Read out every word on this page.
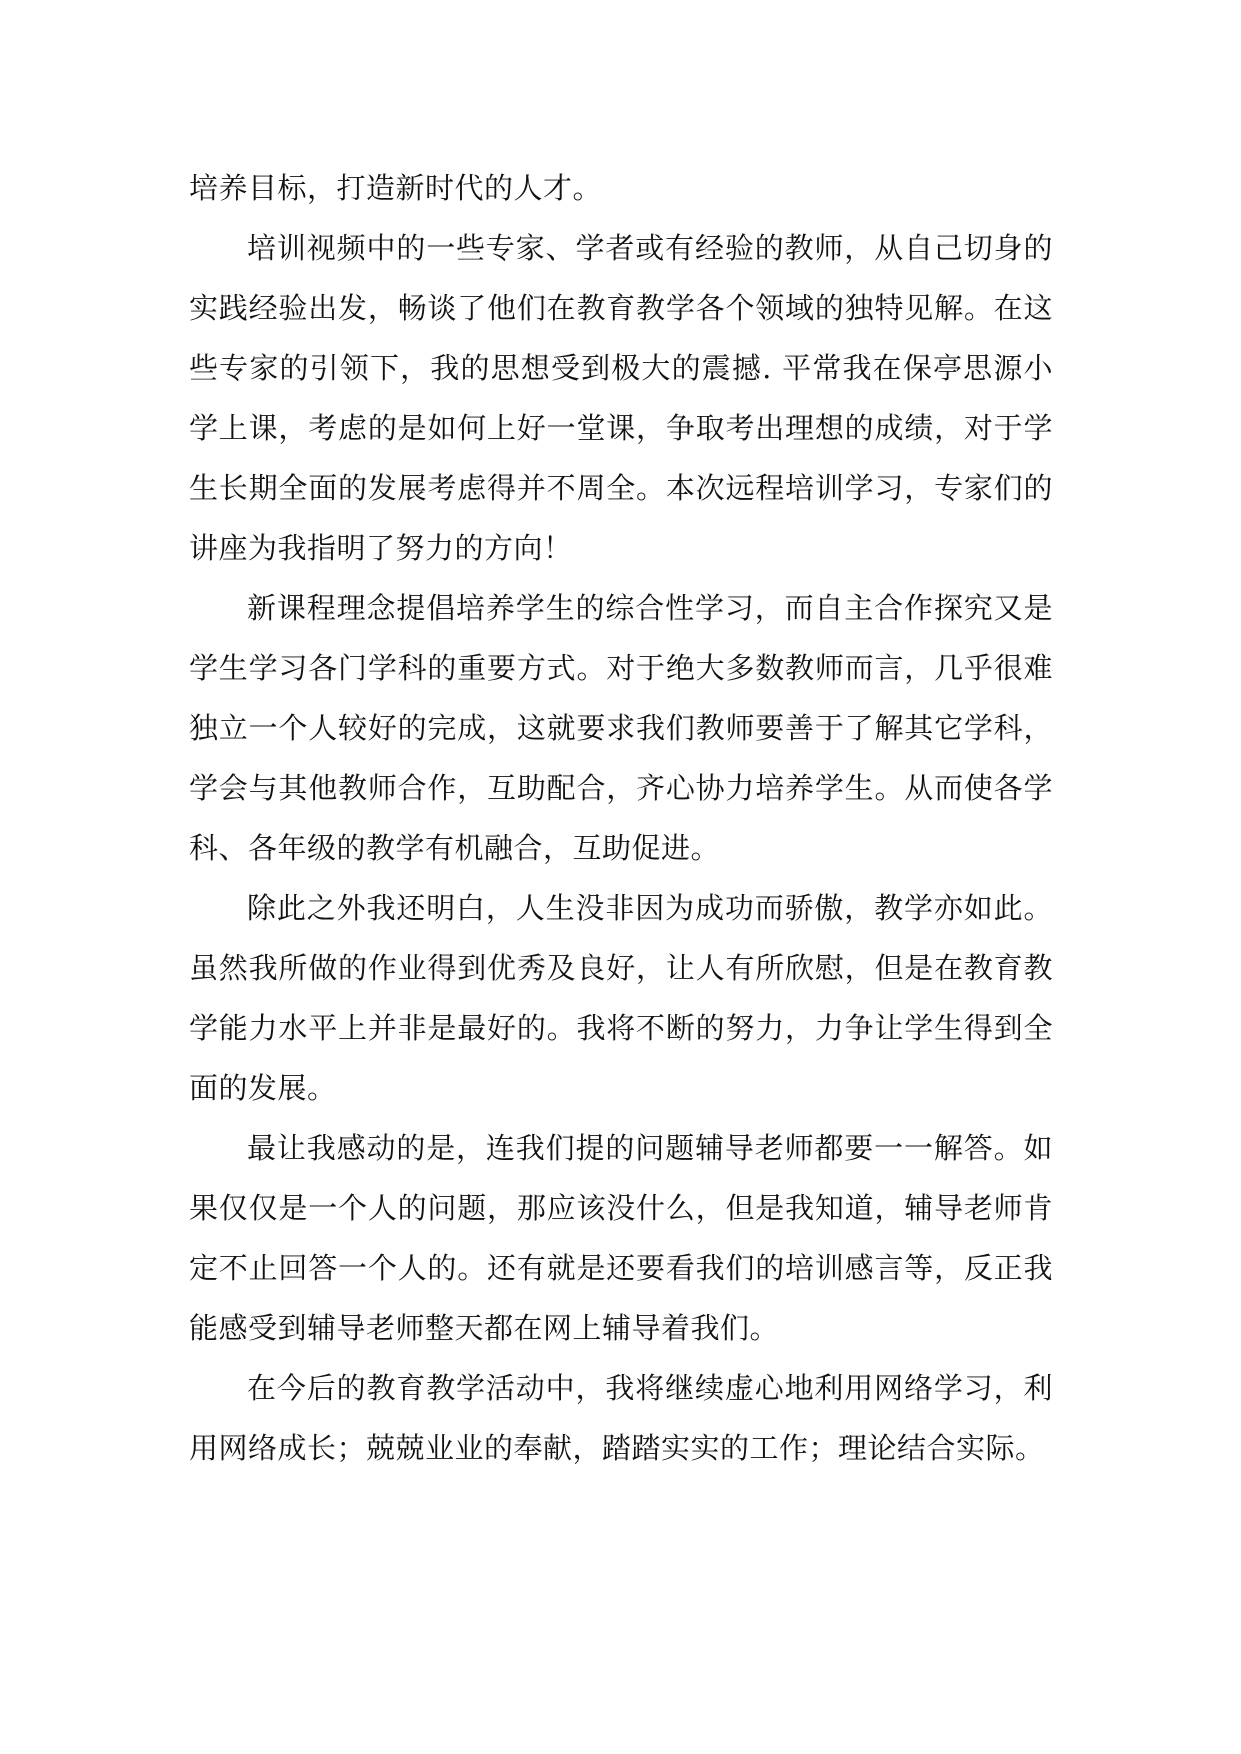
培养目标，打造新时代的人才。

培训视频中的一些专家、学者或有经验的教师，从自己切身的实践经验出发，畅谈了他们在教育教学各个领域的独特见解。在这些专家的引领下，我的思想受到极大的震撼. 平常我在保亭思源小学上课，考虑的是如何上好一堂课，争取考出理想的成绩，对于学生长期全面的发展考虑得并不周全。本次远程培训学习，专家们的讲座为我指明了努力的方向！

新课程理念提倡培养学生的综合性学习，而自主合作探究又是学生学习各门学科的重要方式。对于绝大多数教师而言，几乎很难独立一个人较好的完成，这就要求我们教师要善于了解其它学科，学会与其他教师合作，互助配合，齐心协力培养学生。从而使各学科、各年级的教学有机融合，互助促进。

除此之外我还明白，人生没非因为成功而骄傲，教学亦如此。虽然我所做的作业得到优秀及良好，让人有所欣慰，但是在教育教学能力水平上并非是最好的。我将不断的努力，力争让学生得到全面的发展。

最让我感动的是，连我们提的问题辅导老师都要一一解答。如果仅仅是一个人的问题，那应该没什么，但是我知道，辅导老师肯定不止回答一个人的。还有就是还要看我们的培训感言等，反正我能感受到辅导老师整天都在网上辅导着我们。

在今后的教育教学活动中，我将继续虚心地利用网络学习，利用网络成长；兢兢业业的奉献，踏踏实实的工作；理论结合实际。
